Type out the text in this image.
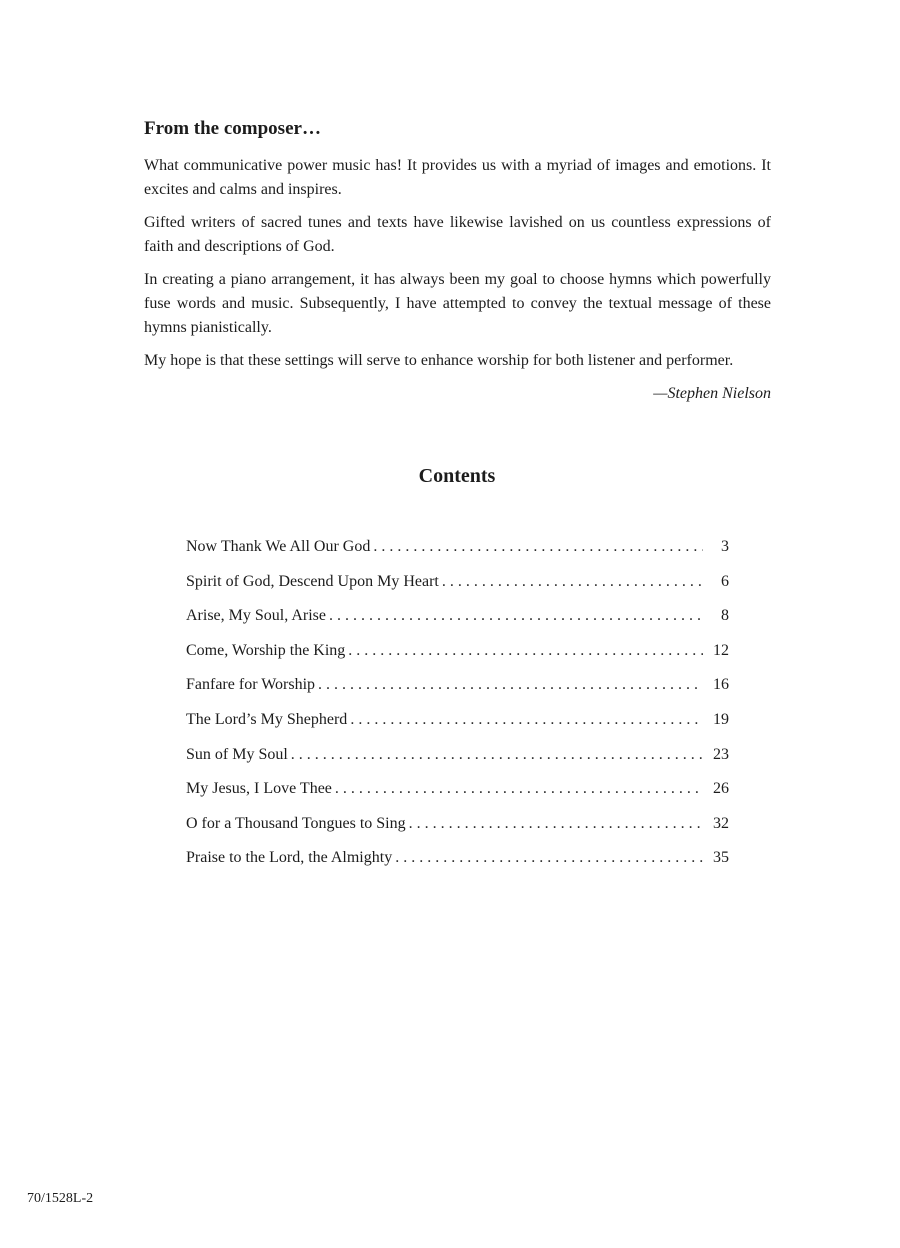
From the composer…

What communicative power music has! It provides us with a myriad of images and emotions. It excites and calms and inspires.

Gifted writers of sacred tunes and texts have likewise lavished on us countless expressions of faith and descriptions of God.

In creating a piano arrangement, it has always been my goal to choose hymns which powerfully fuse words and music. Subsequently, I have attempted to convey the textual message of these hymns pianistically.

My hope is that these settings will serve to enhance worship for both listener and performer.

—Stephen Nielson
Contents
Now Thank We All Our God . . .	3
Spirit of God, Descend Upon My Heart . . .	6
Arise, My Soul, Arise . . .	8
Come, Worship the King . . .	12
Fanfare for Worship . . .	16
The Lord’s My Shepherd . . .	19
Sun of My Soul . . .	23
My Jesus, I Love Thee . . .	26
O for a Thousand Tongues to Sing . . .	32
Praise to the Lord, the Almighty . . .	35
70/1528L-2
